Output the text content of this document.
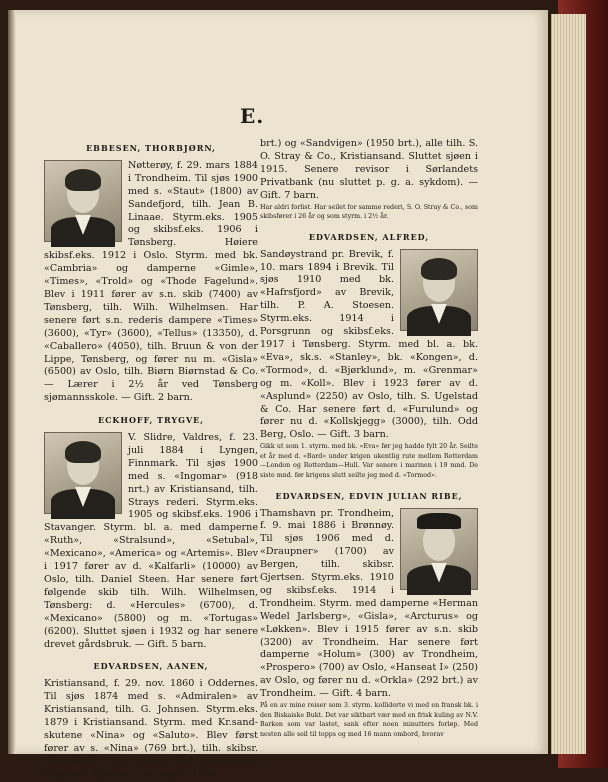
E.
EBBESEN, THORBJØRN,

Nøtterøy, f. 29. mars 1884 i Trondheim. Til sjøs 1900 med s. «Staut» (1800) av Sandefjord, tilh. Jean B. Linaae. Styrm.eks. 1905 og skibsf.eks. 1906 i Tønsberg. Høiere skibsf.eks. 1912 i Oslo. Styrm. med bk. «Cambria» og damperne «Gimle», «Times», «Trold» og «Thode Fagelund». Blev i 1911 fører av s.n. skib (7400) av Tønsberg, tilh. Wilh. Wilhelmsen. Har senere ført s.n. rederis dampere «Times» (3600), «Tyr» (3600), «Tellus» (13350), d. «Caballero» (4050), tilh. Bruun & von der Lippe, Tønsberg, og fører nu m. «Gisla» (6500) av Oslo, tilh. Biørn Biørnstad & Co. — Lærer i 2½ år ved Tønsberg sjømannsskole. — Gift. 2 barn.

ECKHOFF, TRYGVE,

V. Slidre, Valdres, f. 23. juli 1884 i Lyngen, Finnmark. Til sjøs 1900 med s. «Ingomar» (918 nrt.) av Kristiansand, tilh. Strays rederi. Styrm.eks. 1905 og skibsf.eks. 1906 i Stavanger. Styrm. bl. a. med damperne «Ruth», «Stralsund», «Setubal», «Mexicano», «America» og «Artemis». Blev i 1917 fører av d. «Kalfarli» (10000) av Oslo, tilh. Daniel Steen. Har senere ført følgende skib tilh. Wilh. Wilhelmsen, Tønsberg: d. «Hercules» (6700), d. «Mexicano» (5800) og m. «Tortugas» (6200). Sluttet sjøen i 1932 og har senere drevet gårdsbruk. — Gift. 5 barn.

EDVARDSEN, AANEN,

Kristiansand, f. 29. nov. 1860 i Oddernes. Til sjøs 1874 med s. «Admiralen» av Kristiansand, tilh. G. Johnsen. Styrm.eks. 1879 i Kristiansand. Styrm. med Kr.sand-skutene «Nina» og «Saluto». Blev først fører av s. «Nina» (769 brt.), tilh. skibsr. Rosenkilde. Har senere ført seilskutene «Saluto» (800 brt.), «Gratia» (1560

brt.) og «Sandvigen» (1950 brt.), alle tilh. S. O. Stray & Co., Kristiansand. Sluttet sjøen i 1915. Senere revisor i Sørlandets Privatbank (nu sluttet p. g. a. sykdom). — Gift. 7 barn.

Har aldri forlist. Har seilet for samme rederi, S. O. Stray & Co., som skibsfører i 26 år og som styrm. i 2½ år.

EDVARDSEN, ALFRED,

Sandøystrand pr. Brevik, f. 10. mars 1894 i Brevik. Til sjøs 1910 med bk. «Hafrsfjord» av Brevik, tilh. P. A. Stoesen. Styrm.eks. 1914 i Porsgrunn og skibsf.eks. 1917 i Tønsberg. Styrm. med bl. a. bk. «Eva», sk.s. «Stanley», bk. «Kongen», d. «Tormod», d. «Bjørklund», m. «Grenmar» og m. «Koll». Blev i 1923 fører av d. «Asplund» (2250) av Oslo, tilh. S. Ugelstad & Co. Har senere ført d. «Furulund» og fører nu d. «Kollskjegg» (3000), tilh. Odd Berg, Oslo. — Gift. 3 barn.

Gikk ut som 1. styrm. med bk. «Eva» før jeg hadde fylt 20 år. Seilte et år med d. «Bard» under krigen ukentlig rute mellem Rotterdam—London og Rotterdam—Hull. Var senere i marinen i 19 mnd. De siste mnd. før krigens slutt seilte jeg med d. «Tormod».

EDVARDSEN, EDVIN JULIAN RIBE,

Thamshavn pr. Trondheim, f. 9. mai 1886 i Brønnøy. Til sjøs 1906 med d. «Draupner» (1700) av Bergen, tilh. skibsr. Gjertsen. Styrm.eks. 1910 og skibsf.eks. 1914 i Trondheim. Styrm. med damperne «Herman Wedel Jarlsberg», «Gisla», «Arcturus» og «Løkken». Blev i 1915 fører av s.n. skib (3200) av Trondheim. Har senere ført damperne «Holum» (300) av Trondheim, «Prospero» (700) av Oslo, «Hanseat I» (250) av Oslo, og fører nu d. «Orkla» (292 brt.) av Trondheim. — Gift. 4 barn.

På en av mine reiser som 3. styrm. kolliderte vi med en fransk bk. i den Biskaiske Bukt. Det var siktbart vær med en frisk kuling av N.V. Barken som var lastet, sank efter noen minutters forløp. Med nesten alle seil til topps og med 16 mann ombord, hvorav
